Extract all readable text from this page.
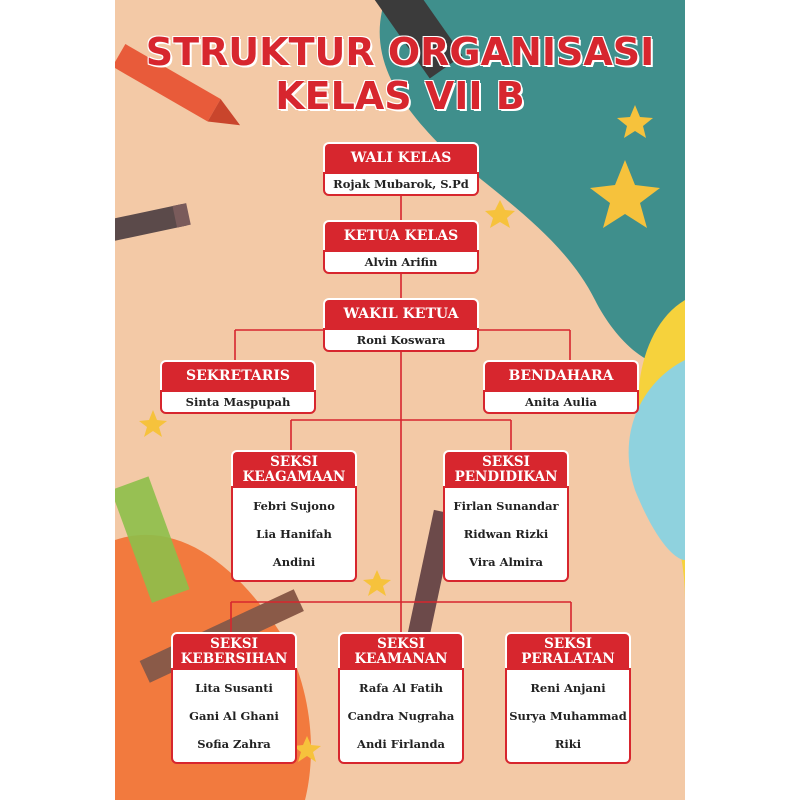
STRUKTUR ORGANISASI
KELAS VII B
WALI KELAS
Rojak Mubarok, S.Pd
KETUA KELAS
Alvin Arifin
WAKIL KETUA
Roni Koswara
SEKRETARIS
Sinta Maspupah
BENDAHARA
Anita Aulia
SEKSI
KEAGAMAAN
Febri Sujono
Lia Hanifah
Andini
SEKSI
PENDIDIKAN
Firlan Sunandar
Ridwan Rizki
Vira Almira
SEKSI
KEBERSIHAN
Lita Susanti
Gani Al Ghani
Sofia Zahra
SEKSI
KEAMANAN
Rafa Al Fatih
Candra Nugraha
Andi Firlanda
SEKSI
PERALATAN
Reni Anjani
Surya Muhammad
Riki
